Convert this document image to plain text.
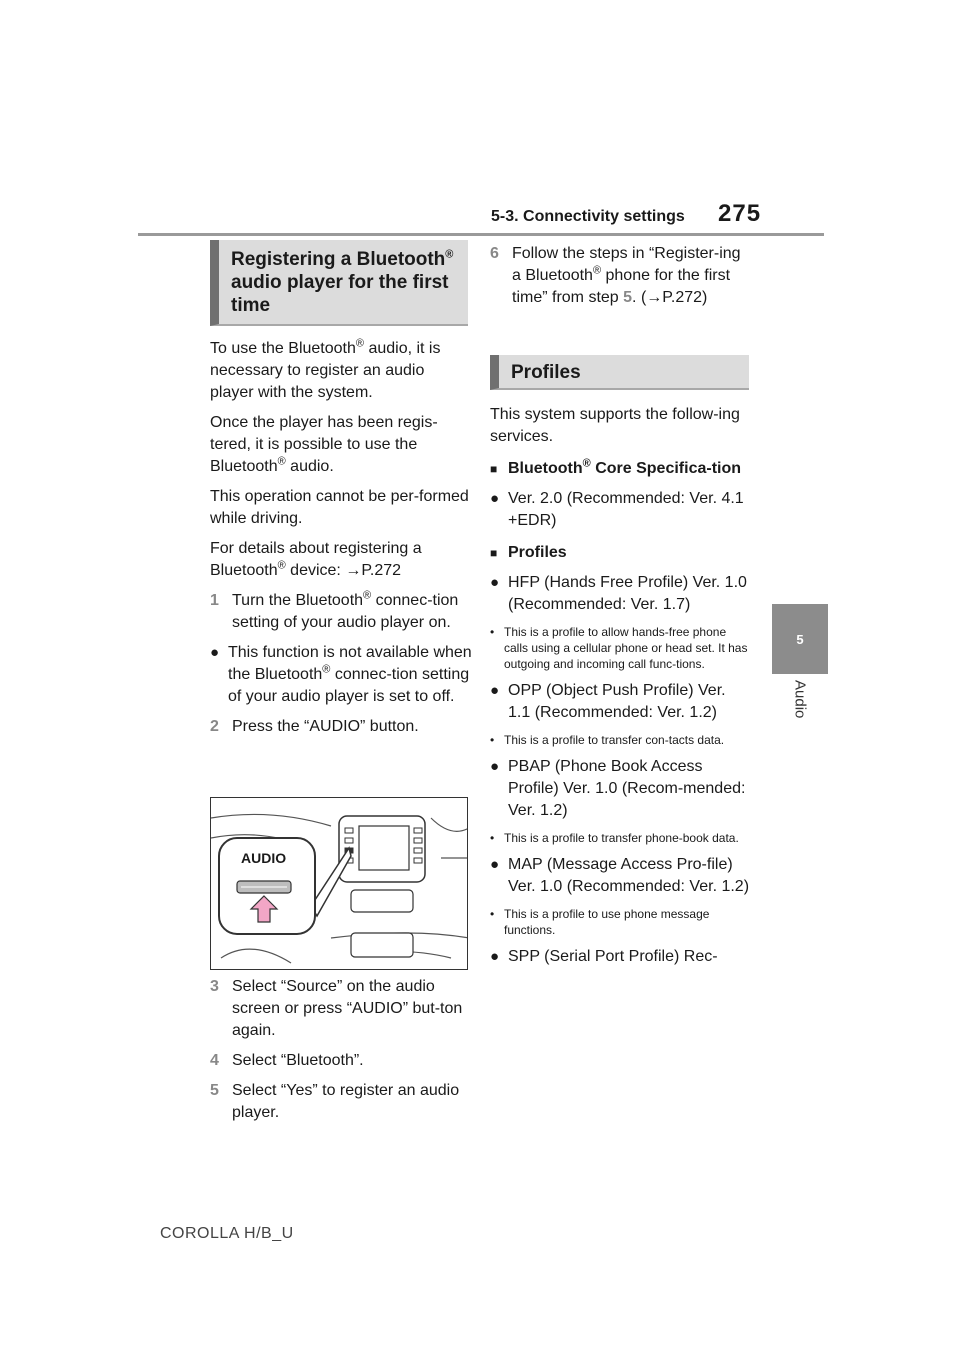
5-3. Connectivity settings 275
5
Audio
Registering a Bluetooth®
audio player for the first
time

To use the Bluetooth® audio, it is necessary to register an audio player with the system.

Once the player has been regis-tered, it is possible to use the Bluetooth® audio.

This operation cannot be per-formed while driving.

For details about registering a Bluetooth® device: →P.272

1 Turn the Bluetooth® connec-tion setting of your audio player on.
● This function is not available when the Bluetooth® connec-tion setting of your audio player is set to off.
2 Press the “AUDIO” button.
AUDIO
3 Select “Source” on the audio screen or press “AUDIO” but-ton again.
4 Select “Bluetooth”.
5 Select “Yes” to register an audio player.
6 Follow the steps in “Register-ing a Bluetooth® phone for the first time” from step 5. (→P.272)
Profiles

This system supports the follow-ing services.

■ Bluetooth® Core Specifica-tion
● Ver. 2.0 (Recommended: Ver. 4.1 +EDR)
■ Profiles
● HFP (Hands Free Profile) Ver. 1.0 (Recommended: Ver. 1.7)
• This is a profile to allow hands-free phone calls using a cellular phone or head set. It has outgoing and incoming call func-tions.
● OPP (Object Push Profile) Ver. 1.1 (Recommended: Ver. 1.2)
• This is a profile to transfer con-tacts data.
● PBAP (Phone Book Access Profile) Ver. 1.0 (Recom-mended: Ver. 1.2)
• This is a profile to transfer phone-book data.
● MAP (Message Access Pro-file) Ver. 1.0 (Recommended: Ver. 1.2)
• This is a profile to use phone message functions.
● SPP (Serial Port Profile) Rec-
COROLLA H/B_U
